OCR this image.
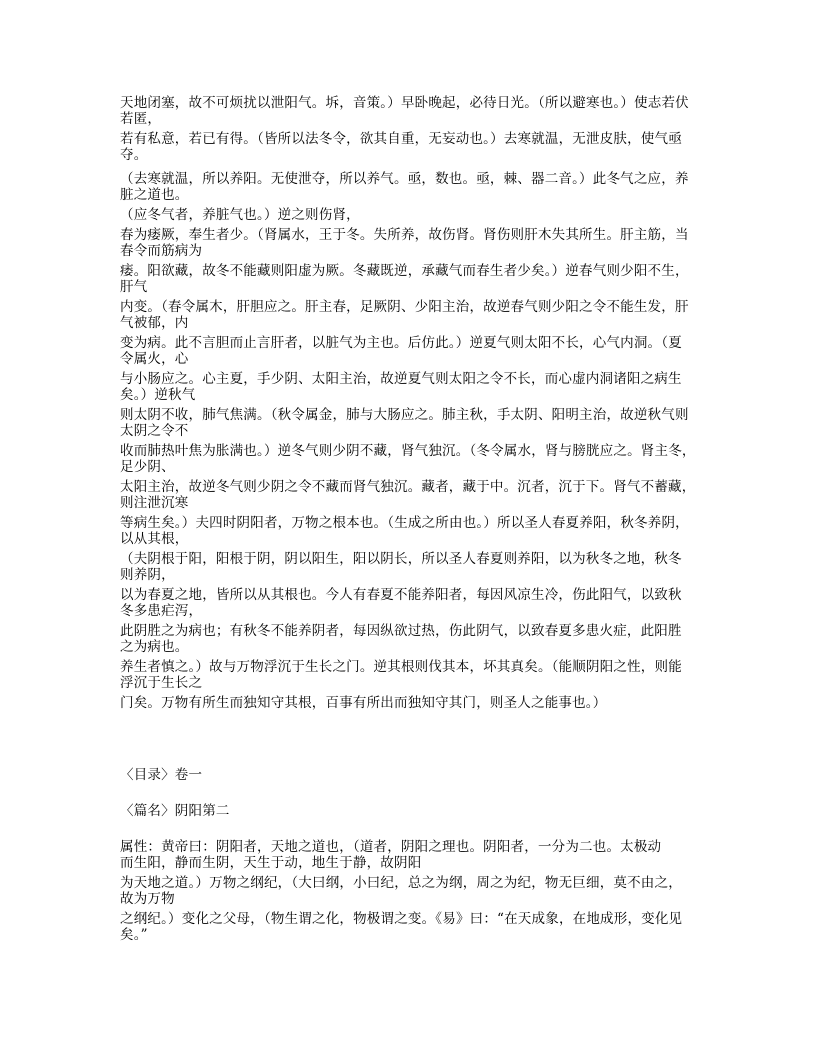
天地闭塞，故不可烦扰以泄阳气。坼，音策。）早卧晚起，必待日光。（所以避寒也。）使志若伏
若匿，
若有私意，若已有得。（皆所以法冬令，欲其自重，无妄动也。）去寒就温，无泄皮肤，使气亟
夺。
（去寒就温，所以养阳。无使泄夺，所以养气。亟，数也。亟，棘、器二音。）此冬气之应，养
脏之道也。
（应冬气者，养脏气也。）逆之则伤肾，
春为痿厥，奉生者少。（肾属水，王于冬。失所养，故伤肾。肾伤则肝木失其所生。肝主筋，当
春令而筋病为
痿。阳欲藏，故冬不能藏则阳虚为厥。冬藏既逆，承藏气而春生者少矣。）逆春气则少阳不生，
肝气
内变。（春令属木，肝胆应之。肝主春，足厥阴、少阳主治，故逆春气则少阳之令不能生发，肝
气被郁，内
变为病。此不言胆而止言肝者，以脏气为主也。后仿此。）逆夏气则太阳不长，心气内洞。（夏
令属火，心
与小肠应之。心主夏，手少阴、太阳主治，故逆夏气则太阳之令不长，而心虚内洞诸阳之病生
矣。）逆秋气
则太阴不收，肺气焦满。（秋令属金，肺与大肠应之。肺主秋，手太阴、阳明主治，故逆秋气则
太阴之令不
收而肺热叶焦为胀满也。）逆冬气则少阴不藏，肾气独沉。（冬令属水，肾与膀胱应之。肾主冬，
足少阴、
太阳主治，故逆冬气则少阴之令不藏而肾气独沉。藏者，藏于中。沉者，沉于下。肾气不蓄藏，
则注泄沉寒
等病生矣。）夫四时阴阳者，万物之根本也。（生成之所由也。）所以圣人春夏养阳，秋冬养阴，
以从其根，
（夫阴根于阳，阳根于阴，阴以阳生，阳以阴长，所以圣人春夏则养阳，以为秋冬之地，秋冬
则养阴，
以为春夏之地，皆所以从其根也。今人有春夏不能养阳者，每因风凉生冷，伤此阳气，以致秋
冬多患疟泻，
此阴胜之为病也；有秋冬不能养阴者，每因纵欲过热，伤此阴气，以致春夏多患火症，此阳胜
之为病也。
养生者慎之。）故与万物浮沉于生长之门。逆其根则伐其本，坏其真矣。（能顺阴阳之性，则能
浮沉于生长之
门矣。万物有所生而独知守其根，百事有所出而独知守其门，则圣人之能事也。）
〈目录〉卷一
〈篇名〉阴阳第二
属性：黄帝曰：阴阳者，天地之道也，（道者，阴阳之理也。阴阳者，一分为二也。太极动
而生阳，静而生阴，天生于动，地生于静，故阴阳
为天地之道。）万物之纲纪，（大曰纲，小曰纪，总之为纲，周之为纪，物无巨细，莫不由之，
故为万物
之纲纪。）变化之父母，（物生谓之化，物极谓之变。《易》曰：“在天成象，在地成形，变化见
矣。”
